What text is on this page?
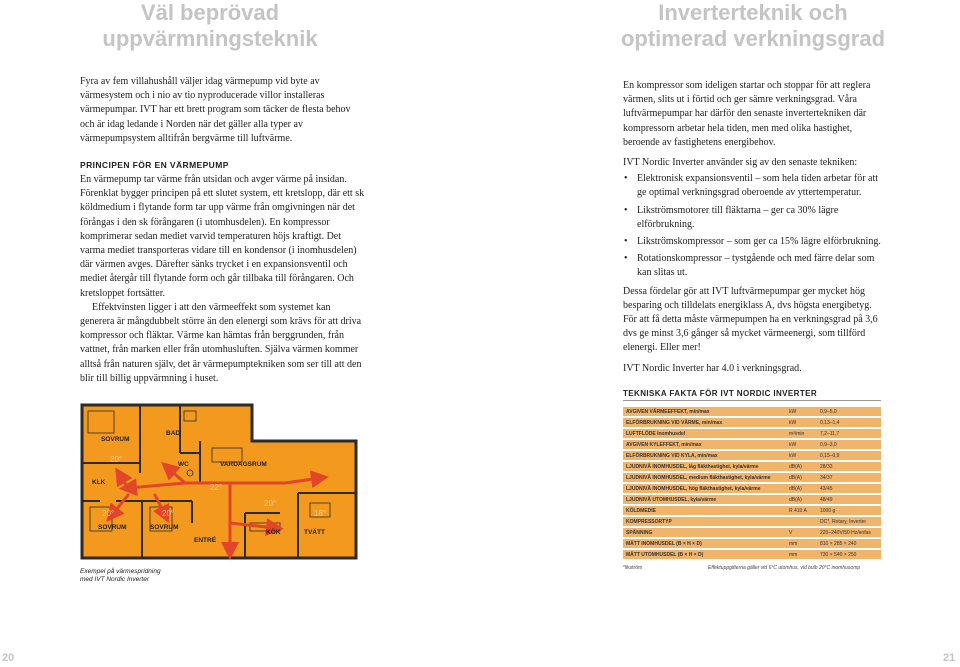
Väl beprövad
uppvärmningsteknik

Fyra av fem villahushåll väljer idag värmepump vid byte av värmesystem och i nio av tio nyproducerade villor installeras värmepumpar. IVT har ett brett program som täcker de flesta behov och är idag ledande i Norden när det gäller alla typer av värmepumpsystem alltifrån bergvärme till luftvärme.

PRINCIPEN FÖR EN VÄRMEPUMP

En värmepump tar värme från utsidan och avger värme på insidan.

Förenklat bygger principen på ett slutet system, ett kretslopp, där ett sk köldmedium i flytande form tar upp värme från omgivningen när det förångas i den sk förångaren (i utomhusdelen). En kompressor komprimerar sedan mediet varvid temperaturen höjs kraftigt. Det varma mediet transporteras vidare till en kondensor (i inomhusdelen) där värmen avges. Därefter sänks trycket i en expansionsventil och mediet återgår till flytande form och går tillbaka till förångaren. Och kretsloppet fortsätter.

Effektvinsten ligger i att den värmeeffekt som systemet kan generera är mångdubbelt större än den elenergi som krävs för att driva kompressor och fläktar. Värme kan hämtas från berggrunden, från vattnet, från marken eller från utomhusluften. Själva värmen kommer alltså från naturen själv, det är värmepumptekniken som ser till att den blir till billig uppvärmning i huset.

SOVRUM
BAD
WC	VARDAGSRUM
KLK
SOVRUM	SOVRUM
ENTRÉ
KÖK	TVÄTT
20°
22°
20°
18°
20°	20°
Exempel på värmespridning
med IVT Nordic Inverter
20
Inverterteknik och
optimerad verkningsgrad

En kompressor som ideligen startar och stoppar för att reglera värmen, slits ut i förtid och ger sämre verkningsgrad. Våra luftvärmepumpar har därför den senaste invertertekniken där kompressorn arbetar hela tiden, men med olika hastighet, beroende av fastighetens energibehov.

IVT Nordic Inverter använder sig av den senaste tekniken:

• Elektronisk expansionsventil – som hela tiden arbetar för att ge optimal verkningsgrad oberoende av yttertemperatur.
• Likströmsmotorer till fläktarna – ger ca 30% lägre elförbrukning.
• Likströmskompressor – som ger ca 15% lägre elförbrukning.
• Rotationskompressor – tystgående och med färre delar som kan slitas ut.

Dessa fördelar gör att IVT luftvärmepumpar ger mycket hög besparing och tilldelats energiklass A, dvs högsta energibetyg. För att få detta måste värmepumpen ha en verkningsgrad på 3,6 dvs ge minst 3,6 gånger så mycket värmeenergi, som tillförd elenergi. Eller mer!

IVT Nordic Inverter har 4.0 i verkningsgrad.

TEKNISKA FAKTA FÖR IVT NORDIC INVERTER
AVGIVEN VÄRMEEFFEKT, min/max	kW	0,9–5,0
ELFÖRBRUKNING VID VÄRME, min/max	kW	0,13–1,4
LUFTFLÖDE inomhusdel	m³/min	7,2–11,7
AVGIVEN KYLEFFEKT, min/max	kW	0,9–3,0
ELFÖRBRUKNING VID KYLA, min/max	kW	0,15–0,9
LJUDNIVÅ INOMHUSDEL, låg fläkthastighet, kyla/värme	dB(A)	28/33
LJUDNIVÅ INOMHUSDEL, medium fläkthastighet, kyla/värme	dB(A)	34/37
LJUDNIVÅ INOMHUSDEL, hög fläkthastighet, kyla/värme	dB(A)	43/45
LJUDNIVÅ UTOMHUSDEL, kyla/värme	dB(A)	48/49
KÖLDMEDIE	R 410 A	1000 g
KOMPRESSORTYP	DC*, Rotary, Inverter
SPÄNNING	V	220–240V/50 Hz/enfas
MÅTT INOMHUSDEL (B × H × D)	mm	810 × 285 × 240
MÅTT UTOMHUSDEL (B × H × D)	mm	730 × 540 × 250
*likström	Effektuppgifterna gäller vid 6°C utomhus, vid bulb 20°C inomhusomp
21
